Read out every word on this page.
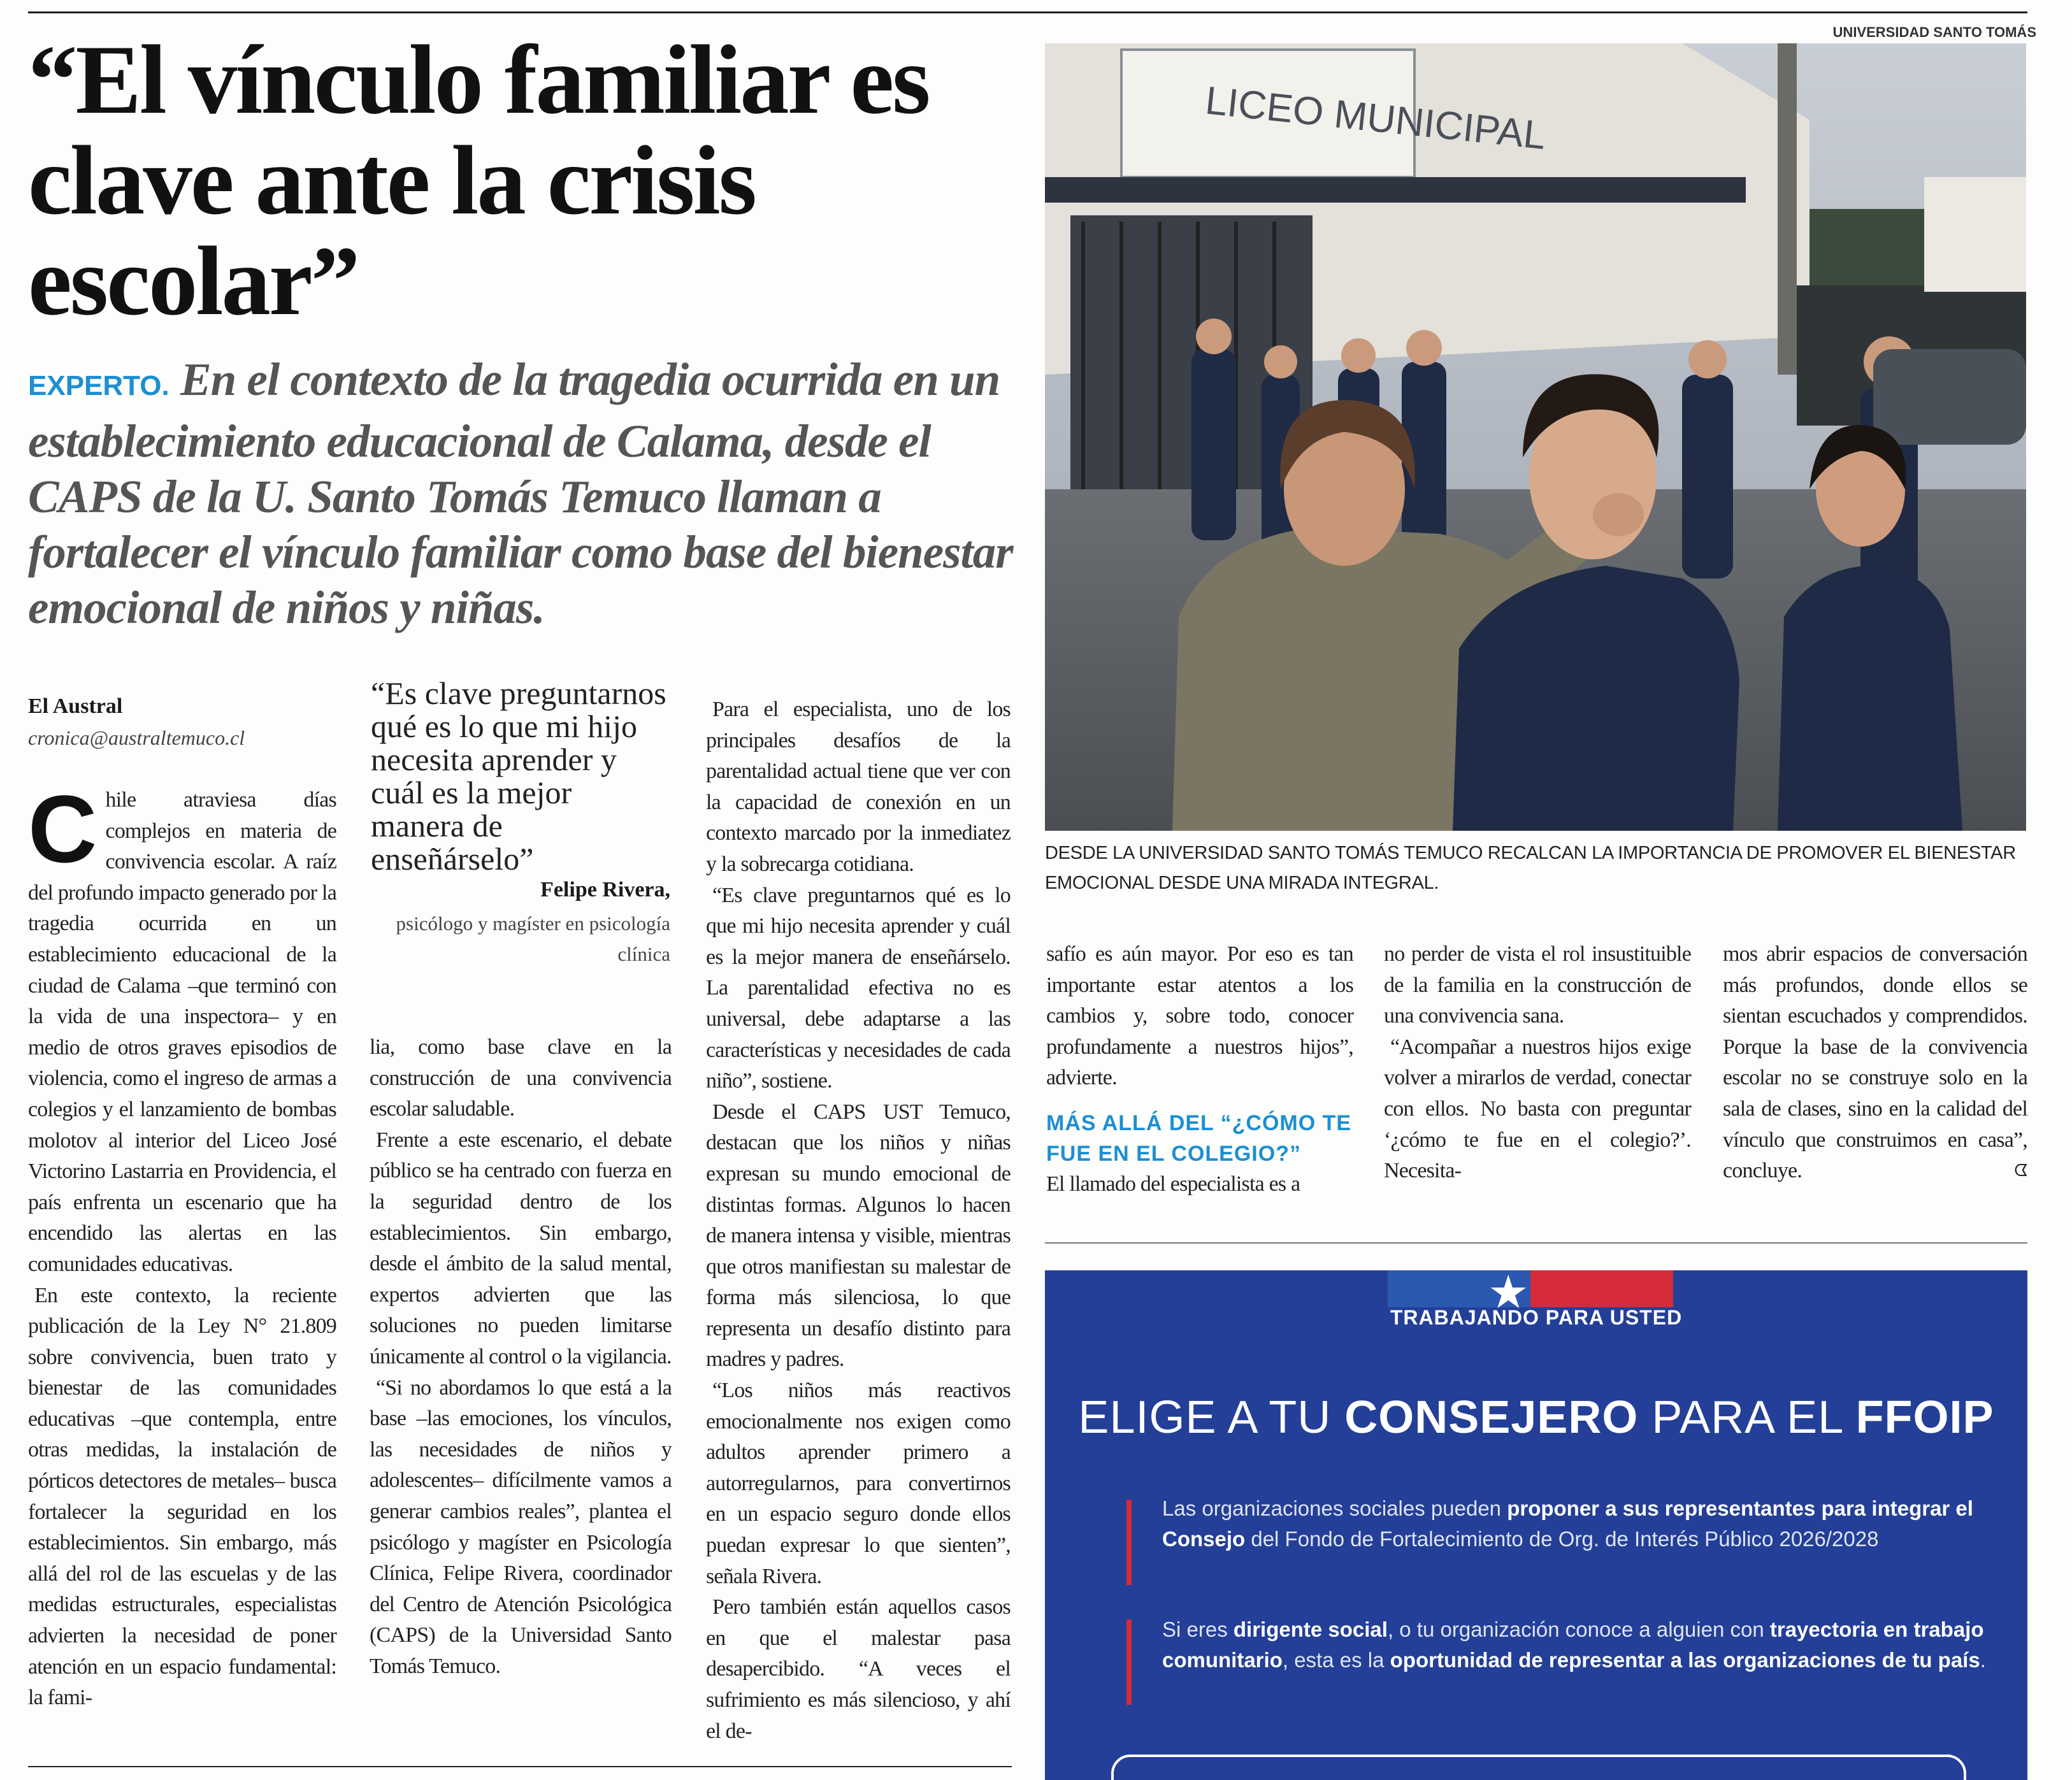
“El vínculo familiar es clave ante la crisis escolar”

EXPERTO. En el contexto de la tragedia ocurrida en un establecimiento educacional de Calama, desde el CAPS de la U. Santo Tomás Temuco llaman a fortalecer el vínculo familiar como base del bienestar emocional de niños y niñas.

El Austral
cronica@australtemuco.cl

“Es clave preguntarnos qué es lo que mi hijo necesita aprender y cuál es la mejor manera de enseñárselo”

Felipe Rivera,
psicólogo y magíster en psicología clínica

Chile atraviesa días complejos en materia de convivencia escolar. A raíz del profundo impacto generado por la tragedia ocurrida en un establecimiento educacional de la ciudad de Calama –que terminó con la vida de una inspectora– y en medio de otros graves episodios de violencia, como el ingreso de armas a colegios y el lanzamiento de bombas molotov al interior del Liceo José Victorino Lastarria en Providencia, el país enfrenta un escenario que ha encendido las alertas en las comunidades educativas.

En este contexto, la reciente publicación de la Ley N° 21.809 sobre convivencia, buen trato y bienestar de las comunidades educativas –que contempla, entre otras medidas, la instalación de pórticos detectores de metales– busca fortalecer la seguridad en los establecimientos. Sin embargo, más allá del rol de las escuelas y de las medidas estructurales, especialistas advierten la necesidad de poner atención en un espacio fundamental: la fami-

lia, como base clave en la construcción de una convivencia escolar saludable.

Frente a este escenario, el debate público se ha centrado con fuerza en la seguridad dentro de los establecimientos. Sin embargo, desde el ámbito de la salud mental, expertos advierten que las soluciones no pueden limitarse únicamente al control o la vigilancia.

“Si no abordamos lo que está a la base –las emociones, los vínculos, las necesidades de niños y adolescentes– difícilmente vamos a generar cambios reales”, plantea el psicólogo y magíster en Psicología Clínica, Felipe Rivera, coordinador del Centro de Atención Psicológica (CAPS) de la Universidad Santo Tomás Temuco.

Para el especialista, uno de los principales desafíos de la parentalidad actual tiene que ver con la capacidad de conexión en un contexto marcado por la inmediatez y la sobrecarga cotidiana.

“Es clave preguntarnos qué es lo que mi hijo necesita aprender y cuál es la mejor manera de enseñárselo. La parentalidad efectiva no es universal, debe adaptarse a las características y necesidades de cada niño”, sostiene.

Desde el CAPS UST Temuco, destacan que los niños y niñas expresan su mundo emocional de distintas formas. Algunos lo hacen de manera intensa y visible, mientras que otros manifiestan su malestar de forma más silenciosa, lo que representa un desafío distinto para madres y padres.

“Los niños más reactivos emocionalmente nos exigen como adultos aprender primero a autorregularnos, para convertirnos en un espacio seguro donde ellos puedan expresar lo que sienten”, señala Rivera.

Pero también están aquellos casos en que el malestar pasa desapercibido. “A veces el sufrimiento es más silencioso, y ahí el de-

UNIVERSIDAD SANTO TOMÁS
LICEO MUNICIPAL
DESDE LA UNIVERSIDAD SANTO TOMÁS TEMUCO RECALCAN LA IMPORTANCIA DE PROMOVER EL BIENESTAR EMOCIONAL DESDE UNA MIRADA INTEGRAL.

safío es aún mayor. Por eso es tan importante estar atentos a los cambios y, sobre todo, conocer profundamente a nuestros hijos”, advierte.

MÁS ALLÁ DEL “¿CÓMO TE FUE EN EL COLEGIO?”

El llamado del especialista es a

no perder de vista el rol insustituible de la familia en la construcción de una convivencia sana.

“Acompañar a nuestros hijos exige volver a mirarlos de verdad, conectar con ellos. No basta con preguntar ‘¿cómo te fue en el colegio?’. Necesita-

mos abrir espacios de conversación más profundos, donde ellos se sientan escuchados y comprendidos. Porque la base de la convivencia escolar no se construye solo en la sala de clases, sino en la calidad del vínculo que construimos en casa”, concluye.	ᗧ

★
TRABAJANDO PARA USTED
ELIGE A TU CONSEJERO PARA EL FFOIP
Las organizaciones sociales pueden proponer a sus representantes para integrar el Consejo del Fondo de Fortalecimiento de Org. de Interés Público 2026/2028
Si eres dirigente social, o tu organización conoce a alguien con trayectoria en trabajo comunitario, esta es la oportunidad de representar a las organizaciones de tu país.
